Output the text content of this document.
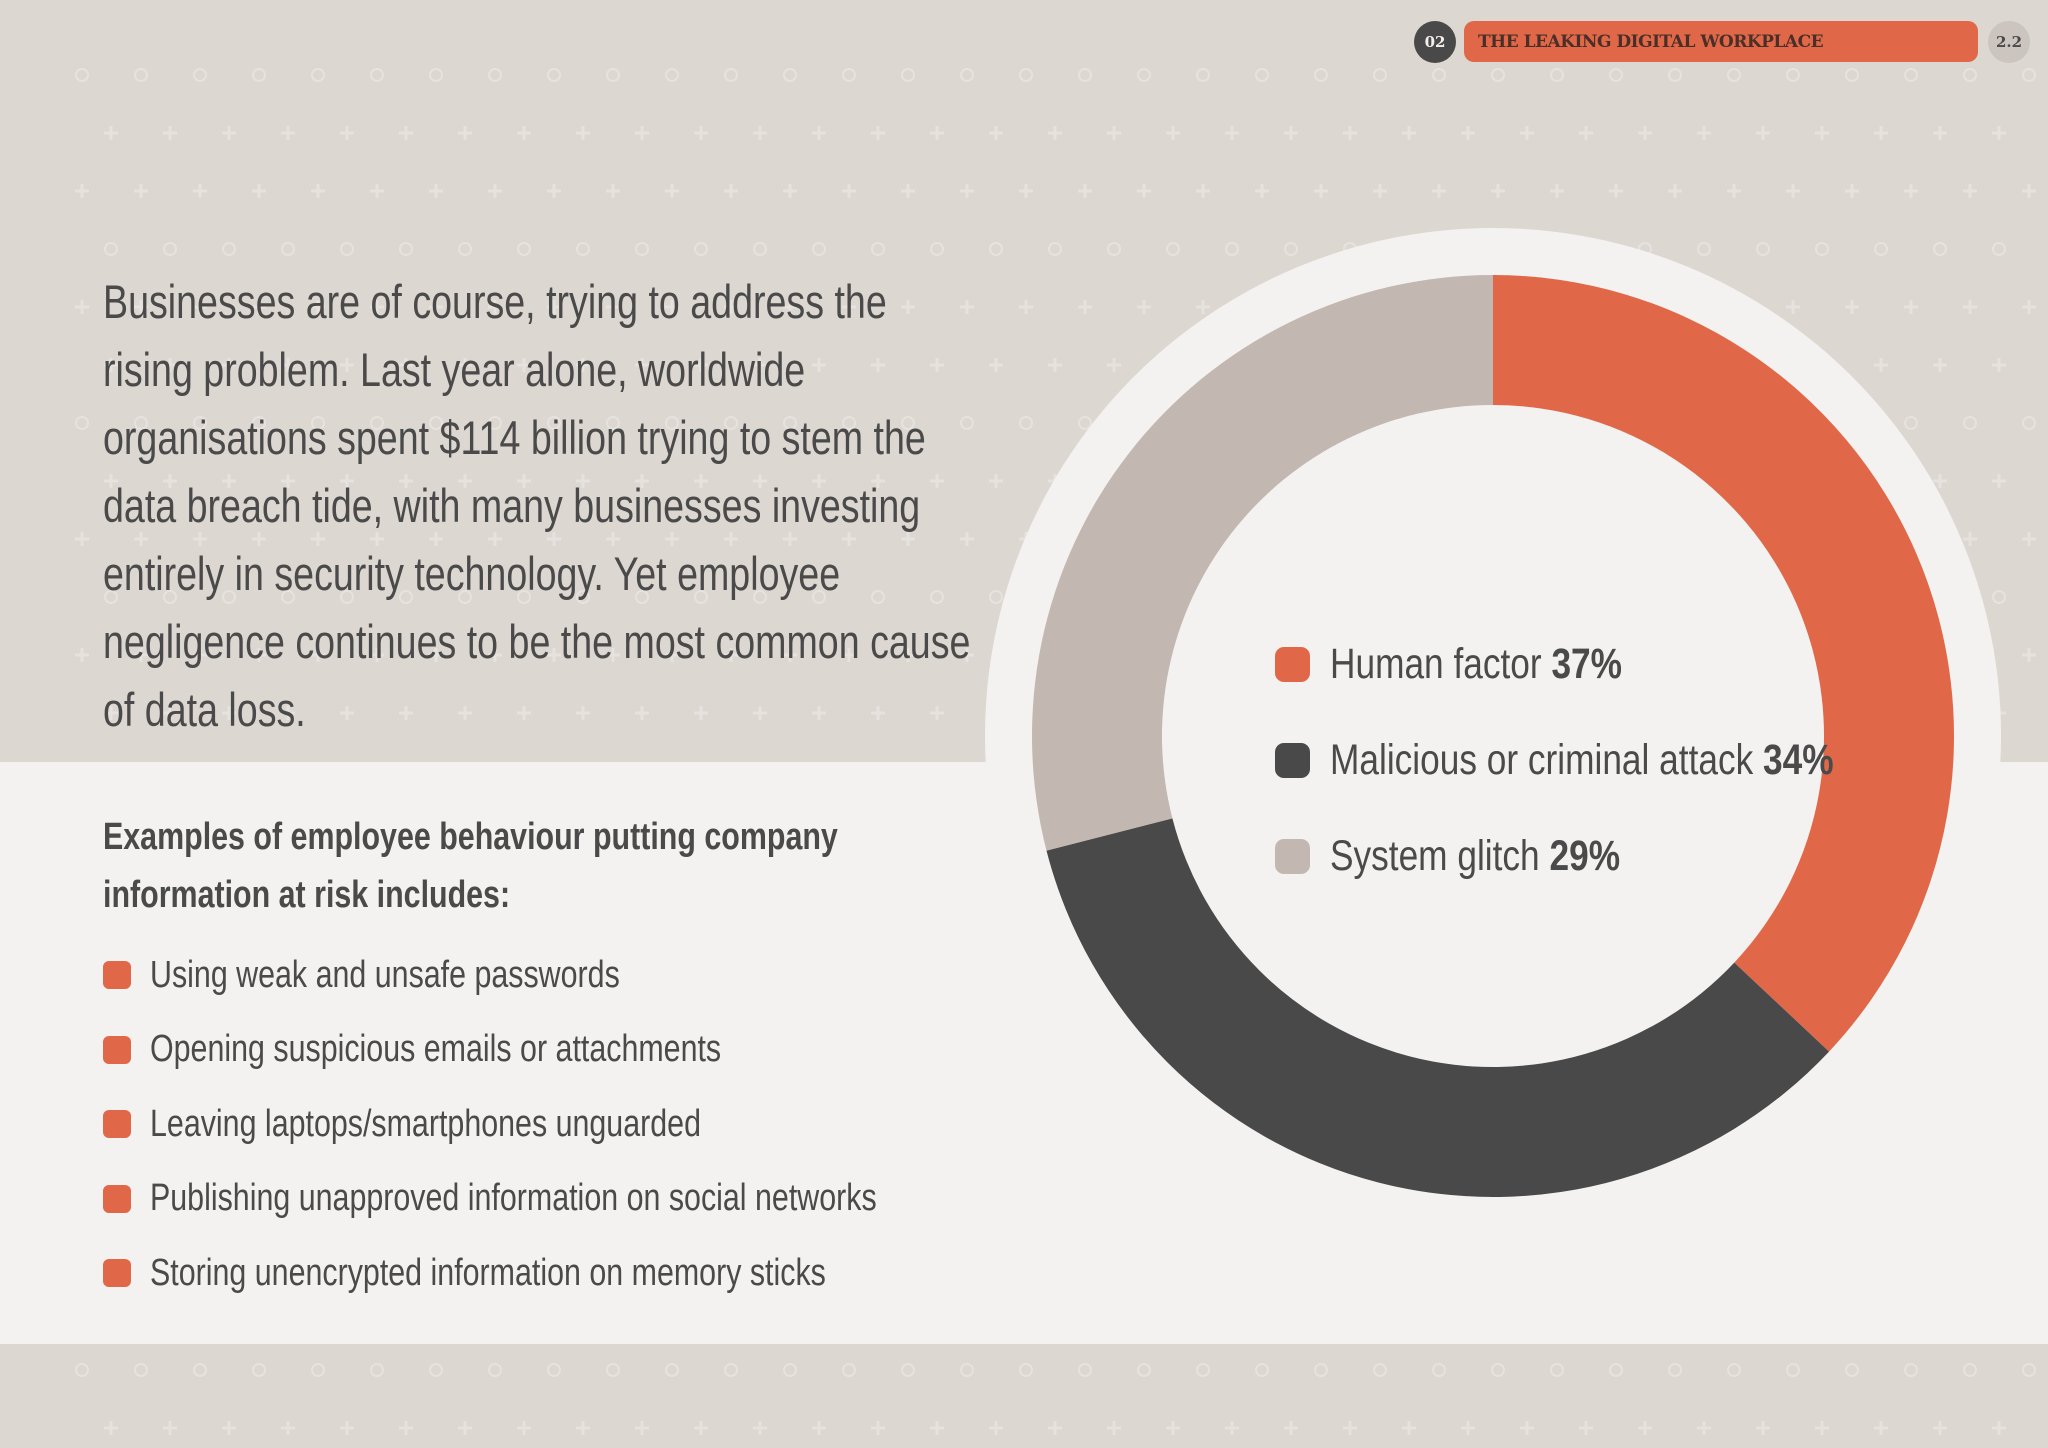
02	THE LEAKING DIGITAL WORKPLACE	2.2

Businesses are of course, trying to address the rising problem. Last year alone, worldwide organisations spent $114 billion trying to stem the data breach tide, with many businesses investing entirely in security technology. Yet employee negligence continues to be the most common cause of data loss.

Examples of employee behaviour putting company information at risk includes:

Using weak and unsafe passwords
Opening suspicious emails or attachments
Leaving laptops/smartphones unguarded
Publishing unapproved information on social networks
Storing unencrypted information on memory sticks
Human factor 37%
Malicious or criminal attack 34%
System glitch 29%
